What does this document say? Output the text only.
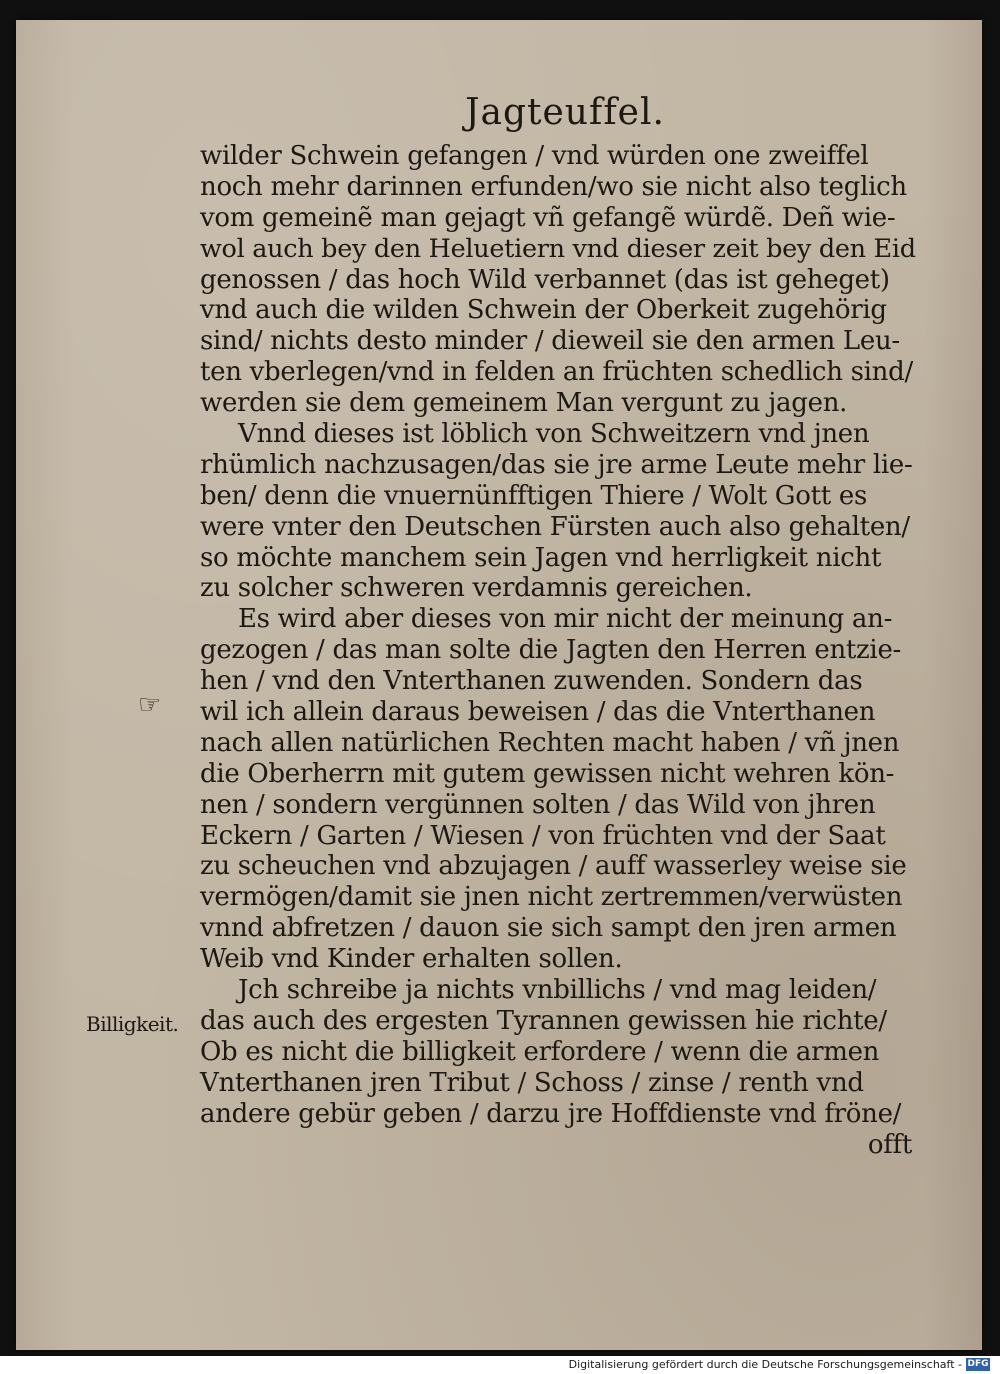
Jagteuffel.
wilder Schwein gefangen / vnd würden one zweiffel
noch mehr darinnen erfunden/wo sie nicht also teglich
vom gemeinẽ man gejagt vñ gefangẽ würdẽ. Deñ wie-
wol auch bey den Heluetiern vnd dieser zeit bey den Eid
genossen / das hoch Wild verbannet (das ist geheget)
vnd auch die wilden Schwein der Oberkeit zugehörig
sind/ nichts desto minder / dieweil sie den armen Leu-
ten vberlegen/vnd in felden an früchten schedlich sind/
werden sie dem gemeinem Man vergunt zu jagen.
Vnnd dieses ist löblich von Schweitzern vnd jnen
rhümlich nachzusagen/das sie jre arme Leute mehr lie-
ben/ denn die vnuernünfftigen Thiere / Wolt Gott es
were vnter den Deutschen Fürsten auch also gehalten/
so möchte manchem sein Jagen vnd herrligkeit nicht
zu solcher schweren verdamnis gereichen.
Es wird aber dieses von mir nicht der meinung an-
gezogen / das man solte die Jagten den Herren entzie-
hen / vnd den Vnterthanen zuwenden. Sondern das
wil ich allein daraus beweisen / das die Vnterthanen
nach allen natürlichen Rechten macht haben / vñ jnen
die Oberherrn mit gutem gewissen nicht wehren kön-
nen / sondern vergünnen solten / das Wild von jhren
Eckern / Garten / Wiesen / von früchten vnd der Saat
zu scheuchen vnd abzujagen / auff wasserley weise sie
vermögen/damit sie jnen nicht zertremmen/verwüsten
vnnd abfretzen / dauon sie sich sampt den jren armen
Weib vnd Kinder erhalten sollen.
Jch schreibe ja nichts vnbillichs / vnd mag leiden/
das auch des ergesten Tyrannen gewissen hie richte/
Ob es nicht die billigkeit erfordere / wenn die armen
Vnterthanen jren Tribut / Schoss / zinse / renth vnd
andere gebür geben / darzu jre Hoffdienste vnd fröne/
offt
☞
Billigkeit.
Digitalisierung gefördert durch die Deutsche Forschungsgemeinschaft - DFG
